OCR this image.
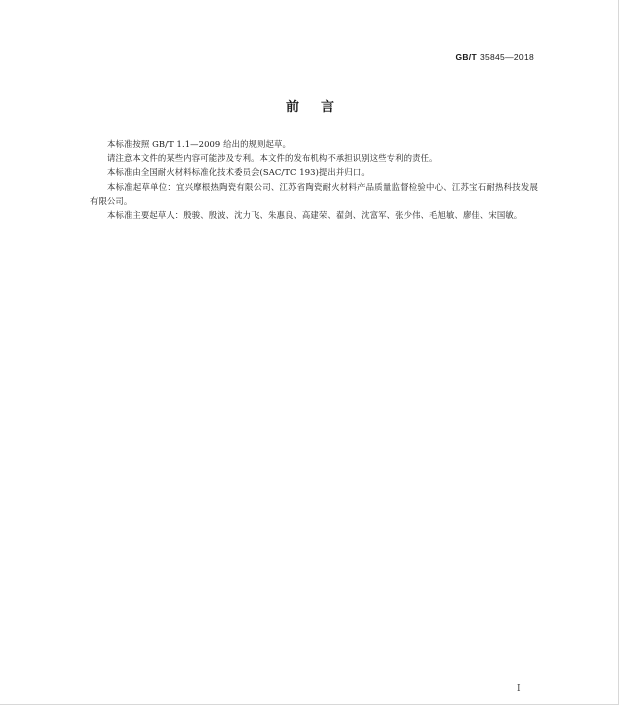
GB/T 35845—2018
前言

本标准按照 GB/T 1.1—2009 给出的规则起草。

请注意本文件的某些内容可能涉及专利。本文件的发布机构不承担识别这些专利的责任。

本标准由全国耐火材料标准化技术委员会(SAC/TC 193)提出并归口。

本标准起草单位：宜兴摩根热陶瓷有限公司、江苏省陶瓷耐火材料产品质量监督检验中心、江苏宝石耐热科技发展有限公司。

本标准主要起草人：殷骏、殷波、沈力飞、朱惠良、高建荣、翟剑、沈富军、张少伟、毛旭敏、廖佳、宋国敏。

I
